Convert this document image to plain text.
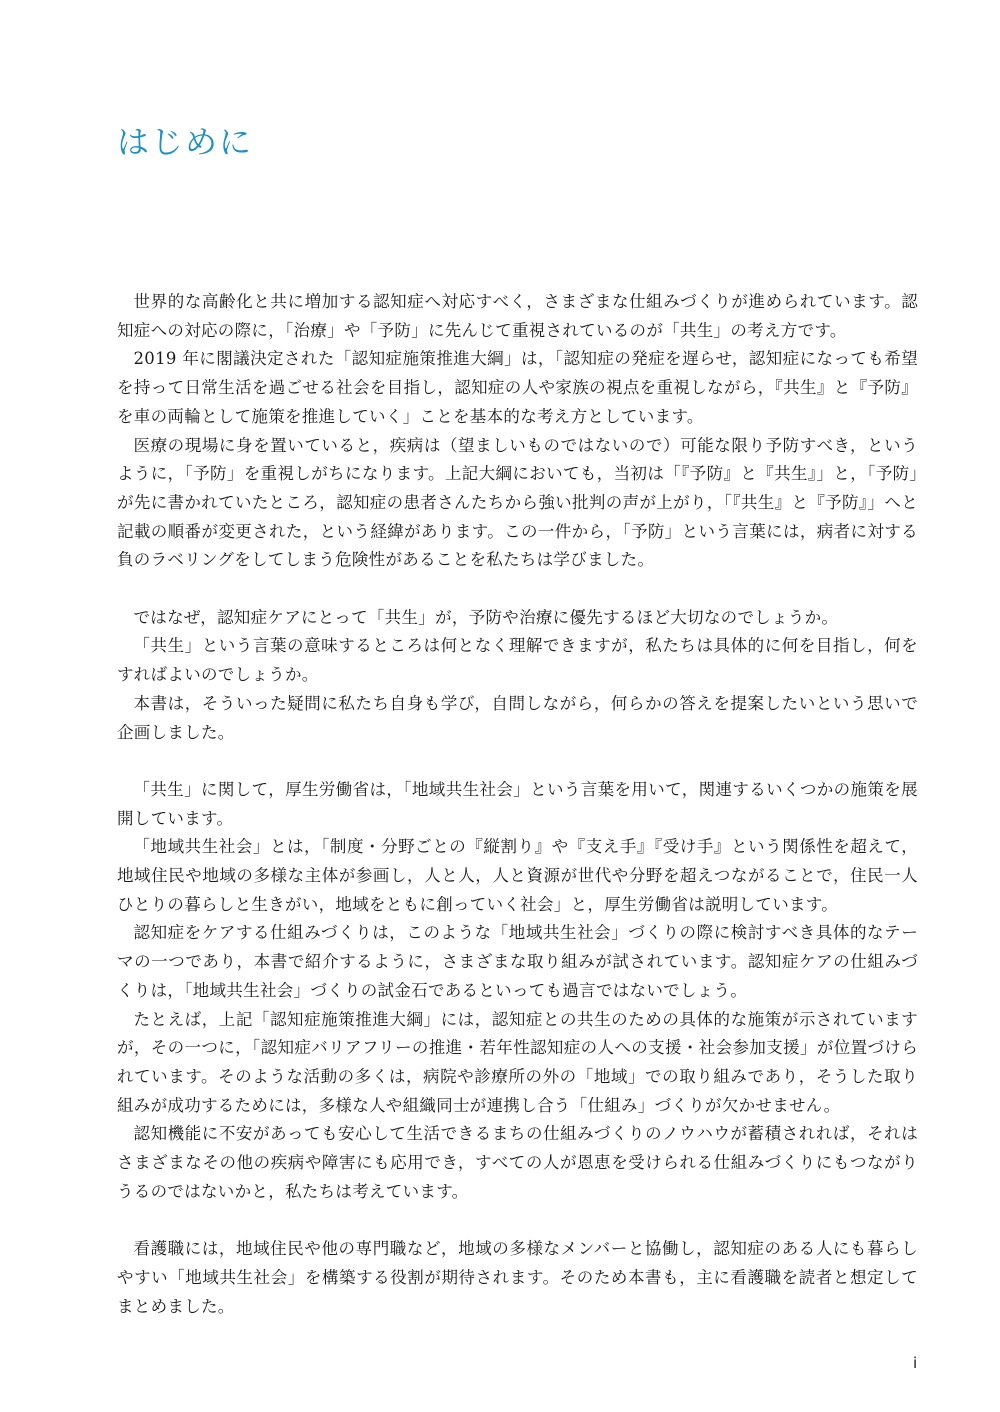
はじめに

世界的な高齢化と共に増加する認知症へ対応すべく，さまざまな仕組みづくりが進められています。認知症への対応の際に，「治療」や「予防」に先んじて重視されているのが「共生」の考え方です。

2019 年に閣議決定された「認知症施策推進大綱」は，「認知症の発症を遅らせ，認知症になっても希望を持って日常生活を過ごせる社会を目指し，認知症の人や家族の視点を重視しながら，『共生』と『予防』を車の両輪として施策を推進していく」ことを基本的な考え方としています。

医療の現場に身を置いていると，疾病は（望ましいものではないので）可能な限り予防すべき，というように，「予防」を重視しがちになります。上記大綱においても，当初は「『予防』と『共生』」と，「予防」が先に書かれていたところ，認知症の患者さんたちから強い批判の声が上がり，「『共生』と『予防』」へと記載の順番が変更された，という経緯があります。この一件から，「予防」という言葉には，病者に対する負のラベリングをしてしまう危険性があることを私たちは学びました。

ではなぜ，認知症ケアにとって「共生」が，予防や治療に優先するほど大切なのでしょうか。

「共生」という言葉の意味するところは何となく理解できますが，私たちは具体的に何を目指し，何をすればよいのでしょうか。

本書は，そういった疑問に私たち自身も学び，自問しながら，何らかの答えを提案したいという思いで企画しました。

「共生」に関して，厚生労働省は，「地域共生社会」という言葉を用いて，関連するいくつかの施策を展開しています。

「地域共生社会」とは，「制度・分野ごとの『縦割り』や『支え手』『受け手』という関係性を超えて，地域住民や地域の多様な主体が参画し，人と人，人と資源が世代や分野を超えつながることで，住民一人ひとりの暮らしと生きがい，地域をともに創っていく社会」と，厚生労働省は説明しています。

認知症をケアする仕組みづくりは，このような「地域共生社会」づくりの際に検討すべき具体的なテーマの一つであり，本書で紹介するように，さまざまな取り組みが試されています。認知症ケアの仕組みづくりは，「地域共生社会」づくりの試金石であるといっても過言ではないでしょう。

たとえば，上記「認知症施策推進大綱」には，認知症との共生のための具体的な施策が示されていますが，その一つに，「認知症バリアフリーの推進・若年性認知症の人への支援・社会参加支援」が位置づけられています。そのような活動の多くは，病院や診療所の外の「地域」での取り組みであり，そうした取り組みが成功するためには，多様な人や組織同士が連携し合う「仕組み」づくりが欠かせません。

認知機能に不安があっても安心して生活できるまちの仕組みづくりのノウハウが蓄積されれば，それはさまざまなその他の疾病や障害にも応用でき，すべての人が恩恵を受けられる仕組みづくりにもつながりうるのではないかと，私たちは考えています。

看護職には，地域住民や他の専門職など，地域の多様なメンバーと協働し，認知症のある人にも暮らしやすい「地域共生社会」を構築する役割が期待されます。そのため本書も，主に看護職を読者と想定してまとめました。

i
